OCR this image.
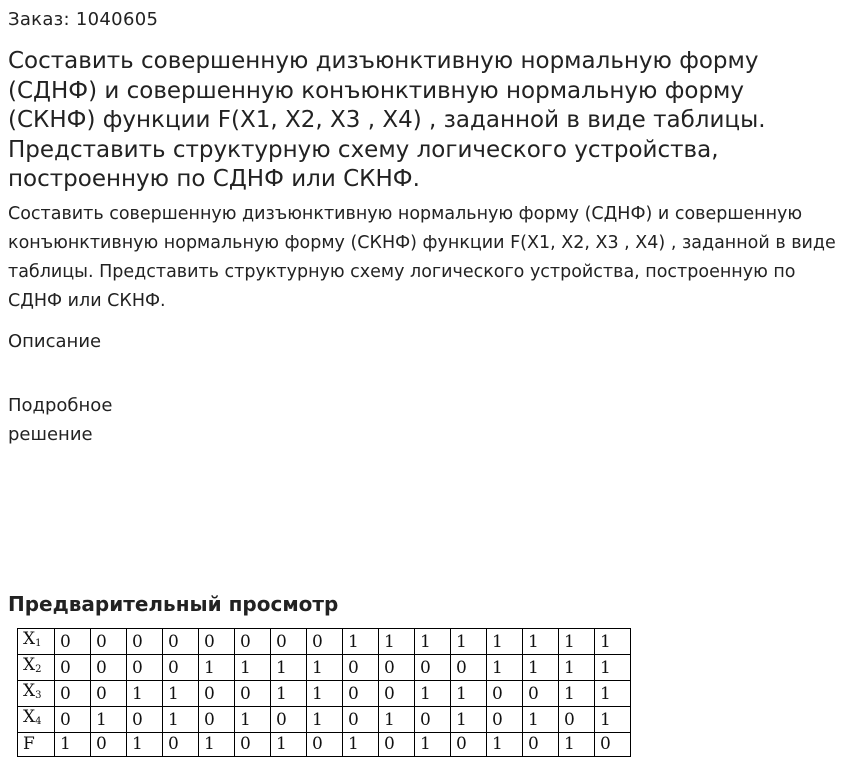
Заказ: 1040605
Составить совершенную дизъюнктивную нормальную форму (СДНФ) и совершенную конъюнктивную нормальную форму (СКНФ) функции F(X1, X2, X3 , X4) , заданной в виде таблицы. Представить структурную схему логического устройства, построенную по СДНФ или СКНФ.

Составить совершенную дизъюнктивную нормальную форму (СДНФ) и совершенную конъюнктивную нормальную форму (СКНФ) функции F(X1, X2, X3 , X4) , заданной в виде таблицы. Представить структурную схему логического устройства, построенную по СДНФ или СКНФ.

Описание
Подробное решение
Предварительный просмотр
$X_1$	0	0	0	0	0	0	0	0	1	1	1	1	1	1	1	1
$X_2$	0	0	0	0	1	1	1	1	0	0	0	0	1	1	1	1
$X_3$	0	0	1	1	0	0	1	1	0	0	1	1	0	0	1	1
$X_4$	0	1	0	1	0	1	0	1	0	1	0	1	0	1	0	1
F	1	0	1	0	1	0	1	0	1	0	1	0	1	0	1	0
